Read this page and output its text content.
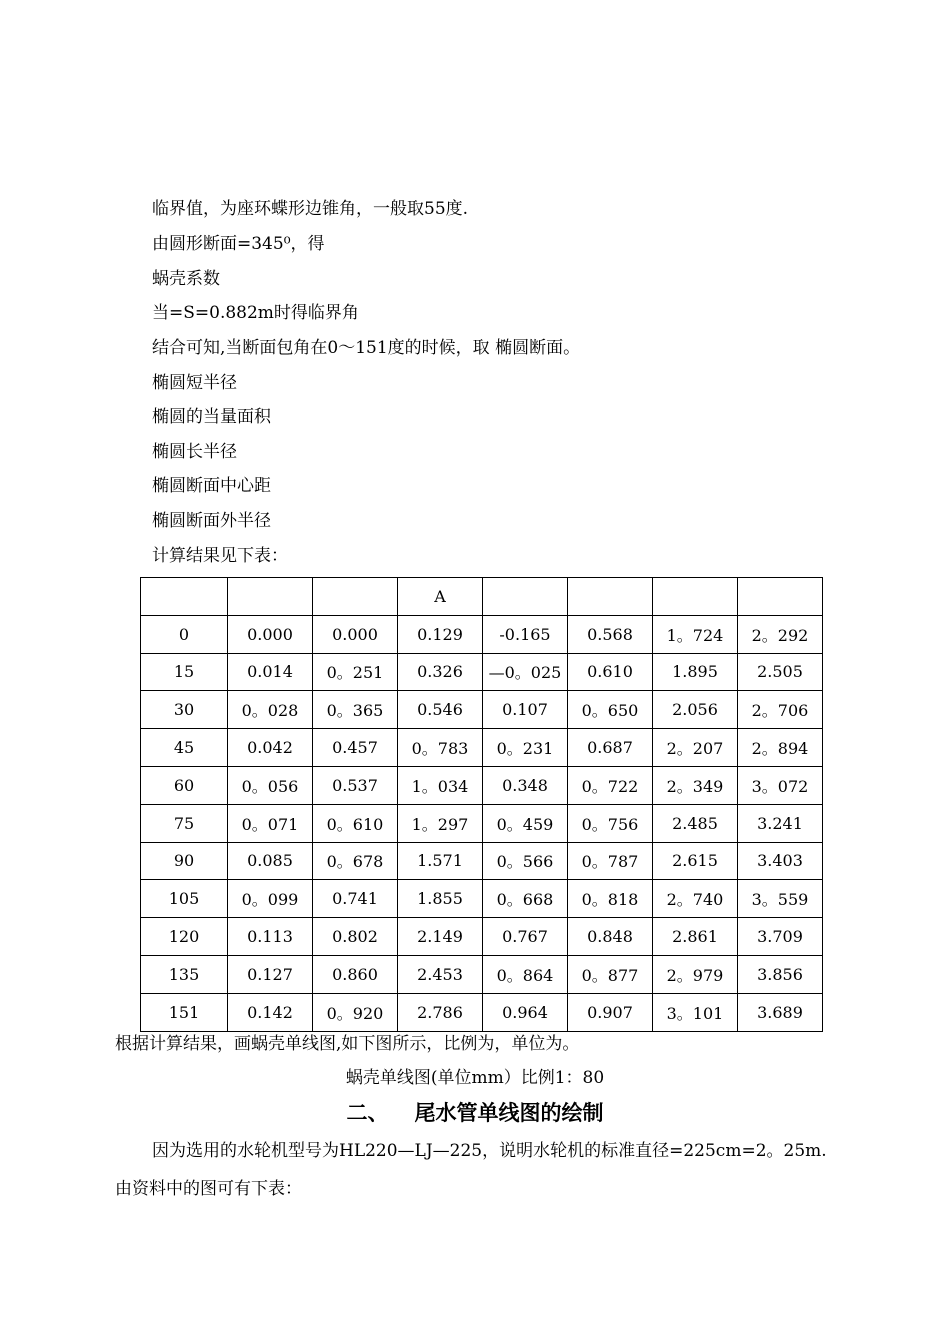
临界值，为座环蝶形边锥角，一般取55度.
由圆形断面=345⁰，得
蜗壳系数
当=S=0.882m时得临界角
结合可知,当断面包角在0～151度的时候，取 椭圆断面。
椭圆短半径
椭圆的当量面积
椭圆长半径
椭圆断面中心距
椭圆断面外半径
计算结果见下表：
			A				
0	0.000	0.000	0.129	-0.165	0.568	1。724	2。292
15	0.014	0。251	0.326	—0。025	0.610	1.895	2.505
30	0。028	0。365	0.546	0.107	0。650	2.056	2。706
45	0.042	0.457	0。783	0。231	0.687	2。207	2。894
60	0。056	0.537	1。034	0.348	0。722	2。349	3。072
75	0。071	0。610	1。297	0。459	0。756	2.485	3.241
90	0.085	0。678	1.571	0。566	0。787	2.615	3.403
105	0。099	0.741	1.855	0。668	0。818	2。740	3。559
120	0.113	0.802	2.149	0.767	0.848	2.861	3.709
135	0.127	0.860	2.453	0。864	0。877	2。979	3.856
151	0.142	0。920	2.786	0.964	0.907	3。101	3.689
根据计算结果，画蜗壳单线图,如下图所示，比例为，单位为。
蜗壳单线图(单位mm）比例1：80
二、 尾水管单线图的绘制
因为选用的水轮机型号为HL220—LJ—225，说明水轮机的标准直径=225cm=2。25m.
由资料中的图可有下表：
